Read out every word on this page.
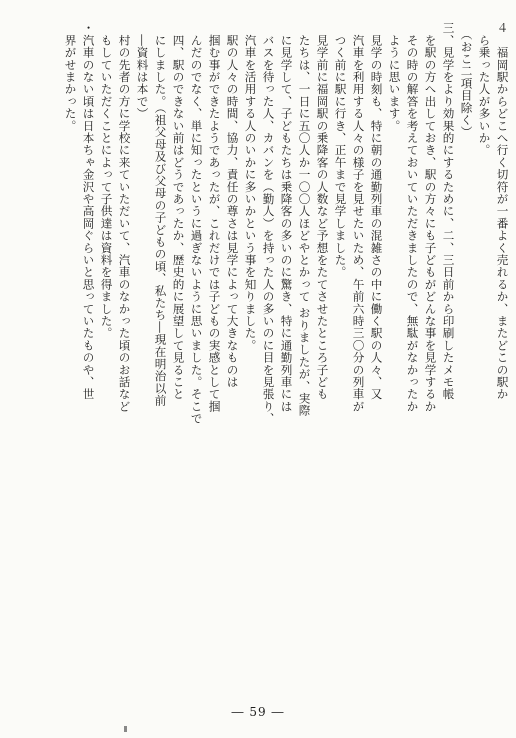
４　福岡駅からどこへ行く切符が一番よく売れるか、またどこの駅か
　ら乗った人が多いか。
　（おこ二項目除く）
三、見学をより効果的にするために、二、三日前から印刷したメモ帳
　を駅の方へ出しておき、駅の方々にも子どもがどんな事を見学するか
　その時の解答を考えておいていただきましたので、無駄がなかったか
　ように思います。
　見学の時刻も、特に朝の通勤列車の混雑さの中に働く駅の人々、又
　汽車を利用する人々の様子を見せたいため、午前六時三〇分の列車が
　つく前に駅に行き、正午まで見学しました。
　見学前に福岡駅の乗降客の人数など予想をたてさせたところ子ども
　たちは、一日に五〇人か一〇〇人ほどやとかって おりましたが、実際
　に見学して、子どもたちは乗降客の多いのに驚き、特に通勤列車には
　バスを待った人、カバンを（勤人）を持った人の多いのに目を見張り、
　汽車を活用する人のいかに多いかという事を知りました。
　駅の人々の時間、協力、責任の尊さは見学によって大きなものは
　掴む事ができたようであったが、これだけでは子どもの実感として掴
　んだのでなく、単に知ったというに過ぎないように思いました。そこで
　四、駅のできない前はどうであったか、歴史的に展望して見ること
　にしました。（祖父母及び父母の子どもの頃、私たち―現在明治以前
　―資料は本で）
　村の先者の方に学校に来ていただいて、汽車のなかった頃のお話など
　もしていただくことによって子供達は資料を得ました。
・汽車のない頃は日本ちゃ金沢や高岡ぐらいと思っていたものや、世
　界がせまかった。
― 59 ―
